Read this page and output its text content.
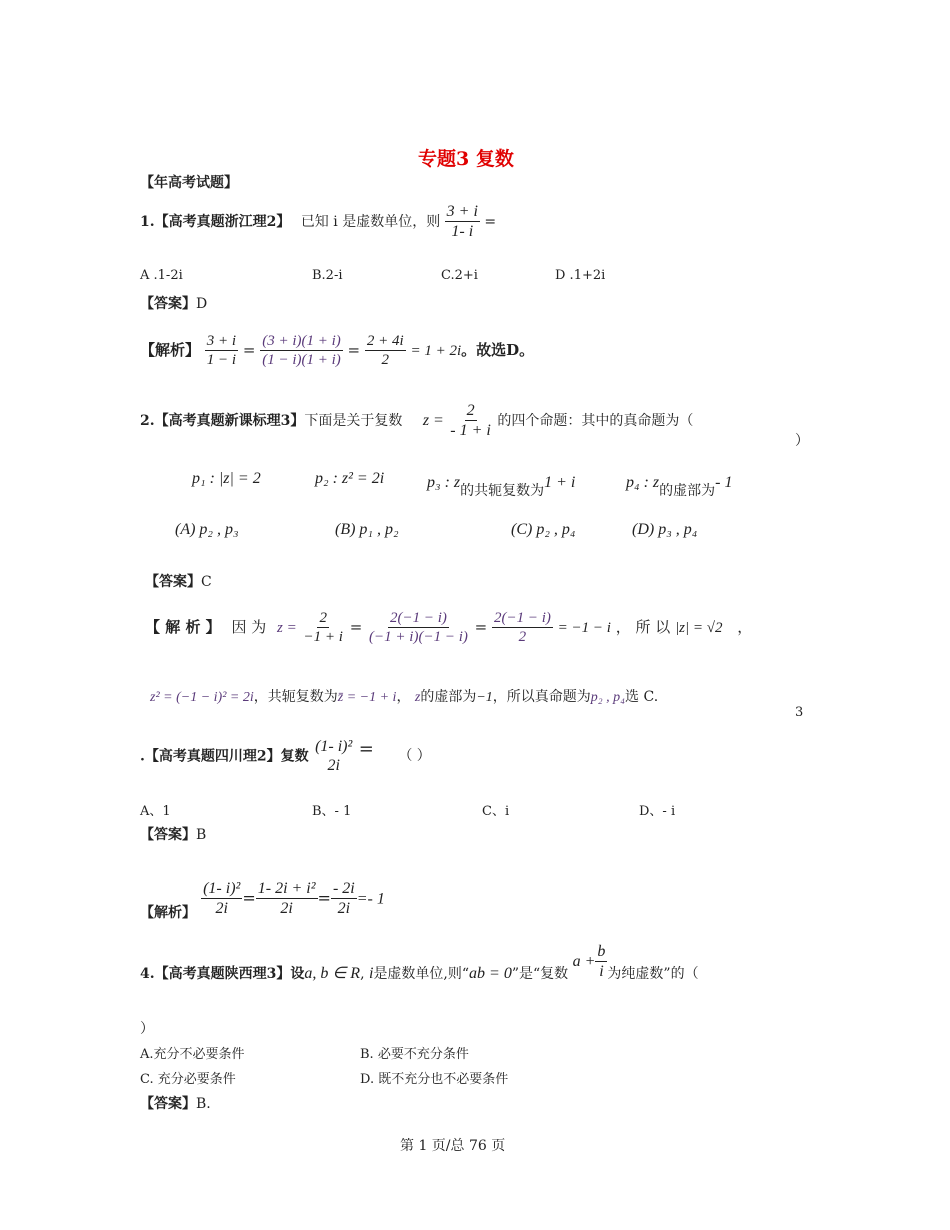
专题3 复数
【年高考试题】
1.【高考真题浙江理2】 已知 i 是虚数单位，则 $\frac{3 + i}{1- i}$ =
A .1-2i	B.2-i	C.2+i	D .1+2i
【答案】D
【解析】 $\frac{3 + i}{1 - i} = \frac{(3 + i)(1 + i)}{(1 - i)(1 + i)} = \frac{2 + 4i}{2} = 1 + 2i$。故选D。
2.【高考真题新课标理3】下面是关于复数 $z = \frac{2}{- 1 + i}$ 的四个命题：其中的真命题为（
）
p₁ : |z| = 2	p₂ : z² = 2i	p₃ : z的共轭复数为1 + i	p₄ : z的虚部为- 1
(A) p₂ , p₃	(B) p₁ , p₂	(C) p₂ , p₄	(D) p₃ , p₄
【答案】C
【 解 析 】 因 为 $z = \frac{2}{-1 + i} = \frac{2(-1 - i)}{(-1 + i)(-1 - i)} = \frac{2(-1 - i)}{2} = -1 - i$ ， 所 以 |z| = √2 ，
z² = (−1 − i)² = 2i，共轭复数为z̄ = −1 + i， z的虚部为−1，所以真命题为p₂ , p₄选 C.
3
.【高考真题四川理2】复数
(1- i)²
2i
= （ ）
A、1	B、- 1	C、i	D、- i
【答案】B
【解析】 $\frac{\text{(1- i)²}}{2i} = \frac{\text{1- 2i + i²}}{2i} = \frac{- 2i}{2i} =- 1$
4.【高考真题陕西理3】设a, b ∈ R, i是虚数单位,则“ab = 0”是“复数 $a + \frac{b}{i}$ 为纯虚数”的（
）
A.充分不必要条件	B. 必要不充分条件
C. 充分必要条件	D. 既不充分也不必要条件
【答案】B.
第 1 页/总 76 页
